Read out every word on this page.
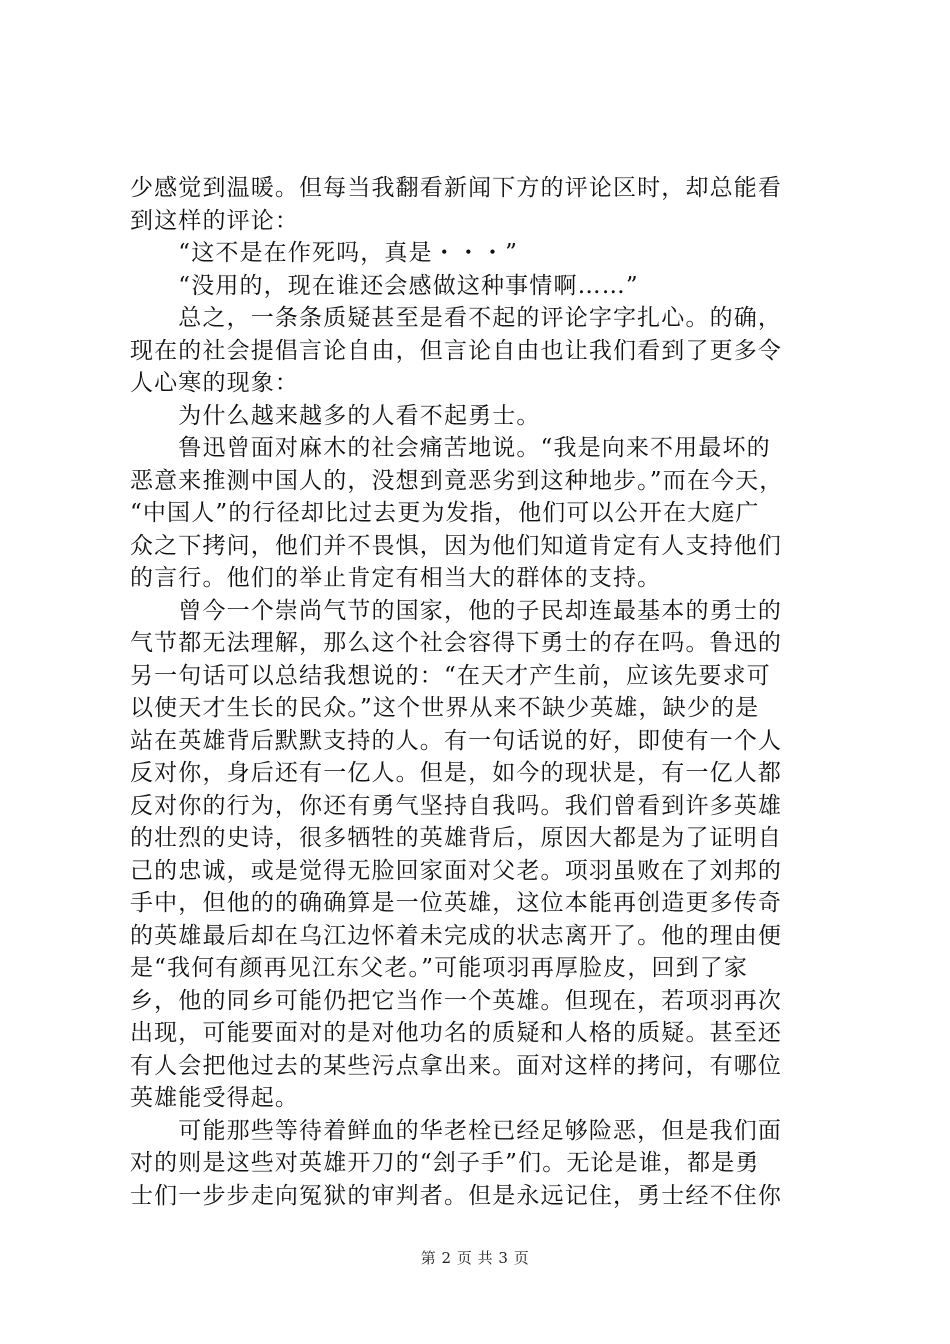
少感觉到温暖。但每当我翻看新闻下方的评论区时，却总能看
到这样的评论：
　　“这不是在作死吗，真是・・・”
　　“没用的，现在谁还会感做这种事情啊……”
　　总之，一条条质疑甚至是看不起的评论字字扎心。的确，
现在的社会提倡言论自由，但言论自由也让我们看到了更多令
人心寒的现象：
　　为什么越来越多的人看不起勇士。
　　鲁迅曾面对麻木的社会痛苦地说。“我是向来不用最坏的
恶意来推测中国人的，没想到竟恶劣到这种地步。”而在今天，
“中国人”的行径却比过去更为发指，他们可以公开在大庭广
众之下拷问，他们并不畏惧，因为他们知道肯定有人支持他们
的言行。他们的举止肯定有相当大的群体的支持。
　　曾今一个崇尚气节的国家，他的子民却连最基本的勇士的
气节都无法理解，那么这个社会容得下勇士的存在吗。鲁迅的
另一句话可以总结我想说的：“在天才产生前，应该先要求可
以使天才生长的民众。”这个世界从来不缺少英雄，缺少的是
站在英雄背后默默支持的人。有一句话说的好，即使有一个人
反对你，身后还有一亿人。但是，如今的现状是，有一亿人都
反对你的行为，你还有勇气坚持自我吗。我们曾看到许多英雄
的壮烈的史诗，很多牺牲的英雄背后，原因大都是为了证明自
己的忠诚，或是觉得无脸回家面对父老。项羽虽败在了刘邦的
手中，但他的的确确算是一位英雄，这位本能再创造更多传奇
的英雄最后却在乌江边怀着未完成的状志离开了。他的理由便
是“我何有颜再见江东父老。”可能项羽再厚脸皮，回到了家
乡，他的同乡可能仍把它当作一个英雄。但现在，若项羽再次
出现，可能要面对的是对他功名的质疑和人格的质疑。甚至还
有人会把他过去的某些污点拿出来。面对这样的拷问，有哪位
英雄能受得起。
　　可能那些等待着鲜血的华老栓已经足够险恶，但是我们面
对的则是这些对英雄开刀的“刽子手”们。无论是谁，都是勇
士们一步步走向冤狱的审判者。但是永远记住，勇士经不住你
第 2 页 共 3 页
